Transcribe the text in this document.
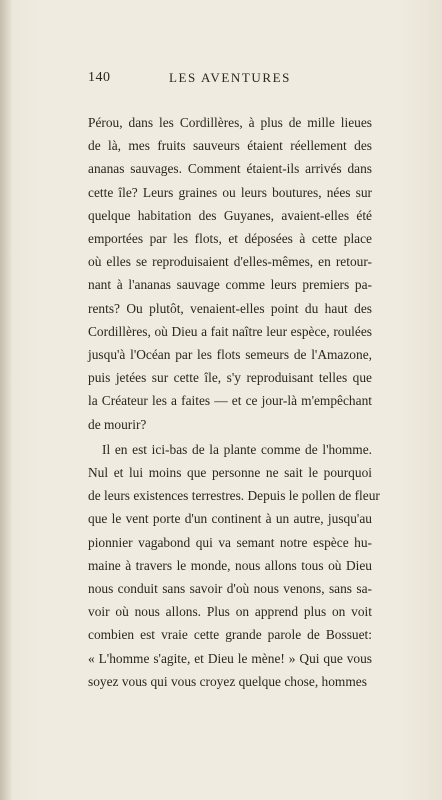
140	LES AVENTURES
Pérou, dans les Cordillères, à plus de mille lieues
de là, mes fruits sauveurs étaient réellement des
ananas sauvages. Comment étaient-ils arrivés dans
cette île? Leurs graines ou leurs boutures, nées sur
quelque habitation des Guyanes, avaient-elles été
emportées par les flots, et déposées à cette place
où elles se reproduisaient d'elles-mêmes, en retour-
nant à l'ananas sauvage comme leurs premiers pa-
rents? Ou plutôt, venaient-elles point du haut des
Cordillères, où Dieu a fait naître leur espèce, roulées
jusqu'à l'Océan par les flots semeurs de l'Amazone,
puis jetées sur cette île, s'y reproduisant telles que
la Créateur les a faites — et ce jour-là m'empêchant
de mourir?
Il en est ici-bas de la plante comme de l'homme.
Nul et lui moins que personne ne sait le pourquoi
de leurs existences terrestres. Depuis le pollen de fleur
que le vent porte d'un continent à un autre, jusqu'au
pionnier vagabond qui va semant notre espèce hu-
maine à travers le monde, nous allons tous où Dieu
nous conduit sans savoir d'où nous venons, sans sa-
voir où nous allons. Plus on apprend plus on voit
combien est vraie cette grande parole de Bossuet:
« L'homme s'agite, et Dieu le mène! » Qui que vous
soyez vous qui vous croyez quelque chose, hommes
